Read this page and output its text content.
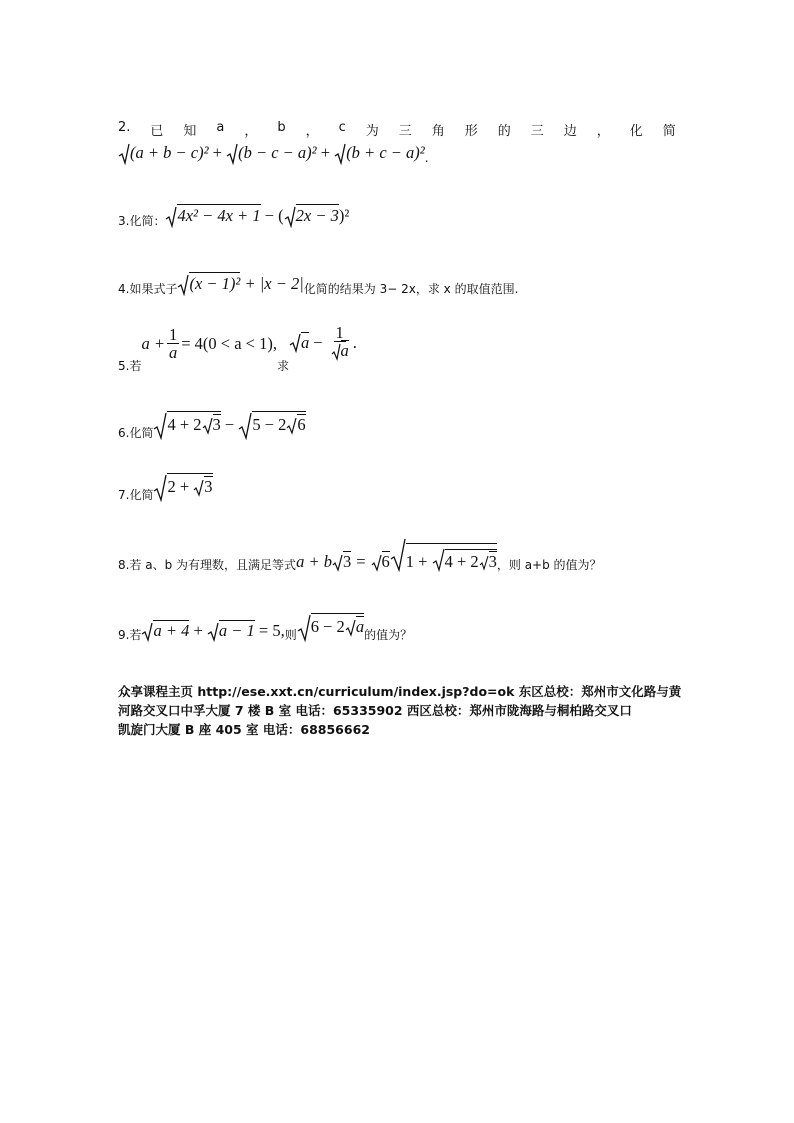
2. 已 知 a ， b ， c 为 三 角 形 的 三 边 ， 化 简
(a + b − c)² + (b − c − a)² + (b + c − a)² .
3.化简： 4x² − 4x + 1 − ( 2x − 3)²
4.如果式子 (x − 1)² + |x − 2| 化简的结果为 3− 2x，求 x 的取值范围.
5.若
$a + \frac{1}{a} = 4(0 < a < 1)$,
求
$a - \frac{1}{a}$ .
6.化简 4 + 2 3 − 5 − 2 6
7.化简 2 + 3
8.若 a、b 为有理数，且满足等式 a + b 3 = 6 1 +
4 + 2 3 ，则 a+b 的值为？
9.若 a + 4 + a − 1 = 5, 则 6 − 2 a 的值为？
众享课程主页 http://ese.xxt.cn/curriculum/index.jsp?do=ok 东区总校：郑州市文化路与黄
河路交叉口中孚大厦 7 楼 B 室 电话：65335902 西区总校：郑州市陇海路与桐柏路交叉口
凯旋门大厦 B 座 405 室 电话：68856662
